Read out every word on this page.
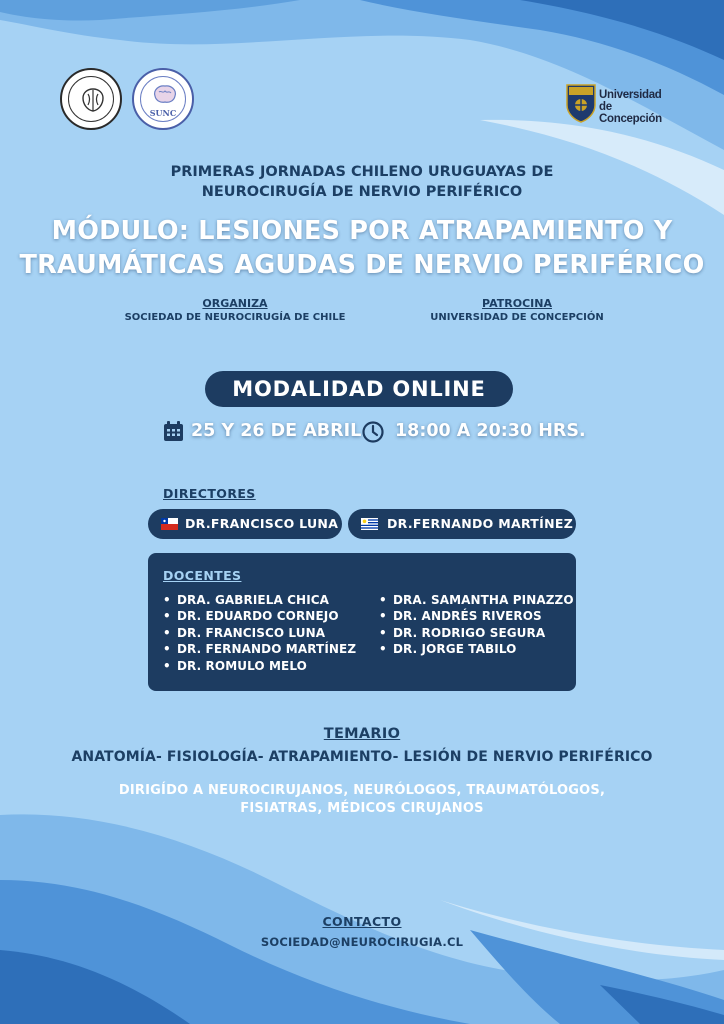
SUNC
Universidad
de Concepción
PRIMERAS JORNADAS CHILENO URUGUAYAS DE
NEUROCIRUGÍA DE NERVIO PERIFÉRICO
MÓDULO: LESIONES POR ATRAPAMIENTO Y
TRAUMÁTICAS AGUDAS DE NERVIO PERIFÉRICO
ORGANIZA
SOCIEDAD DE NEUROCIRUGÍA DE CHILE
PATROCINA
UNIVERSIDAD DE CONCEPCIÓN
MODALIDAD ONLINE
25 Y 26 DE ABRIL 18:00 A 20:30 HRS.
DIRECTORES
DR.FRANCISCO LUNA	DR.FERNANDO MARTÍNEZ
DOCENTES
• DRA. GABRIELA CHICA
• DR. EDUARDO CORNEJO
• DR. FRANCISCO LUNA
• DR. FERNANDO MARTÍNEZ
• DR. ROMULO MELO
• DRA. SAMANTHA PINAZZO
• DR. ANDRÉS RIVEROS
• DR. RODRIGO SEGURA
• DR. JORGE TABILO
TEMARIO
ANATOMÍA- FISIOLOGÍA- ATRAPAMIENTO- LESIÓN DE NERVIO PERIFÉRICO
DIRIGÍDO A NEUROCIRUJANOS, NEURÓLOGOS, TRAUMATÓLOGOS,
FISIATRAS, MÉDICOS CIRUJANOS
CONTACTO
SOCIEDAD@NEUROCIRUGIA.CL
